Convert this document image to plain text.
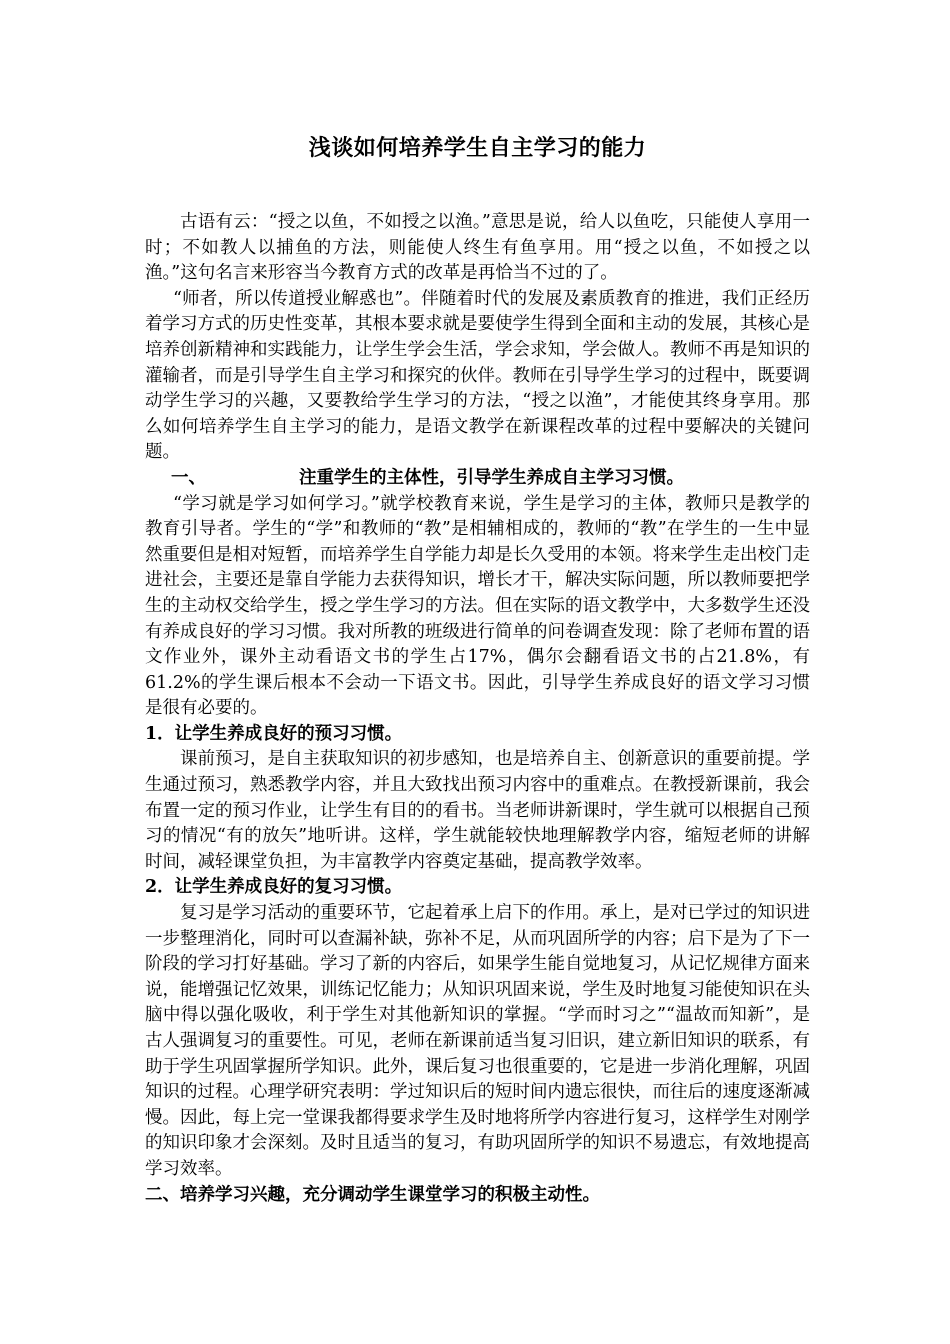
浅谈如何培养学生自主学习的能力

古语有云：“授之以鱼，不如授之以渔。”意思是说，给人以鱼吃，只能使人享用一时；不如教人以捕鱼的方法，则能使人终生有鱼享用。用“授之以鱼，不如授之以渔。”这句名言来形容当今教育方式的改革是再恰当不过的了。

“师者，所以传道授业解惑也”。伴随着时代的发展及素质教育的推进，我们正经历着学习方式的历史性变革，其根本要求就是要使学生得到全面和主动的发展，其核心是培养创新精神和实践能力，让学生学会生活，学会求知，学会做人。教师不再是知识的灌输者，而是引导学生自主学习和探究的伙伴。教师在引导学生学习的过程中，既要调动学生学习的兴趣，又要教给学生学习的方法，“授之以渔”，才能使其终身享用。那么如何培养学生自主学习的能力，是语文教学在新课程改革的过程中要解决的关键问题。

一、	注重学生的主体性，引导学生养成自主学习习惯。

“学习就是学习如何学习。”就学校教育来说，学生是学习的主体，教师只是教学的教育引导者。学生的“学”和教师的“教”是相辅相成的，教师的“教”在学生的一生中显然重要但是相对短暂，而培养学生自学能力却是长久受用的本领。将来学生走出校门走进社会，主要还是靠自学能力去获得知识，增长才干，解决实际问题，所以教师要把学生的主动权交给学生，授之学生学习的方法。但在实际的语文教学中，大多数学生还没有养成良好的学习习惯。我对所教的班级进行简单的问卷调查发现：除了老师布置的语文作业外，课外主动看语文书的学生占17%，偶尔会翻看语文书的占21.8%，有61.2%的学生课后根本不会动一下语文书。因此，引导学生养成良好的语文学习习惯是很有必要的。

1．让学生养成良好的预习习惯。

课前预习，是自主获取知识的初步感知，也是培养自主、创新意识的重要前提。学生通过预习，熟悉教学内容，并且大致找出预习内容中的重难点。在教授新课前，我会布置一定的预习作业，让学生有目的的看书。当老师讲新课时，学生就可以根据自己预习的情况“有的放矢”地听讲。这样，学生就能较快地理解教学内容，缩短老师的讲解时间，减轻课堂负担，为丰富教学内容奠定基础，提高教学效率。

2．让学生养成良好的复习习惯。

复习是学习活动的重要环节，它起着承上启下的作用。承上，是对已学过的知识进一步整理消化，同时可以查漏补缺，弥补不足，从而巩固所学的内容；启下是为了下一阶段的学习打好基础。学习了新的内容后，如果学生能自觉地复习，从记忆规律方面来说，能增强记忆效果，训练记忆能力；从知识巩固来说，学生及时地复习能使知识在头脑中得以强化吸收，利于学生对其他新知识的掌握。“学而时习之”“温故而知新”，是古人强调复习的重要性。可见，老师在新课前适当复习旧识，建立新旧知识的联系，有助于学生巩固掌握所学知识。此外，课后复习也很重要的，它是进一步消化理解，巩固知识的过程。心理学研究表明：学过知识后的短时间内遗忘很快，而往后的速度逐渐减慢。因此，每上完一堂课我都得要求学生及时地将所学内容进行复习，这样学生对刚学的知识印象才会深刻。及时且适当的复习，有助巩固所学的知识不易遗忘，有效地提高学习效率。

二、培养学习兴趣，充分调动学生课堂学习的积极主动性。
